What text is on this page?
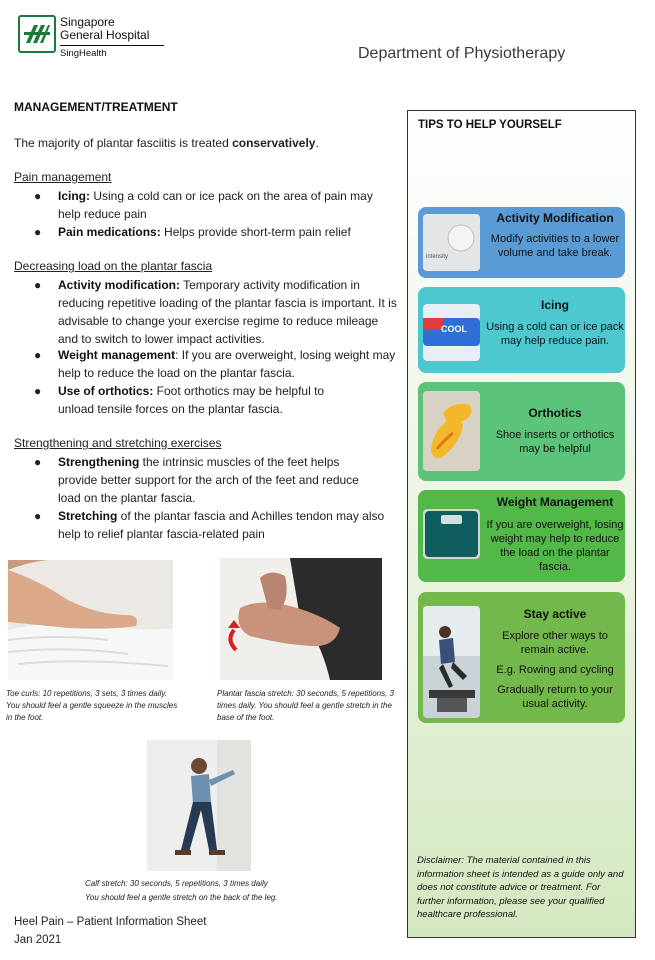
Singapore
General Hospital
SingHealth	Department of Physiotherapy
MANAGEMENT/TREATMENT
The majority of plantar fasciitis is treated conservatively.
Pain management
● Icing: Using a cold can or ice pack on the area of pain may help reduce pain
● Pain medications: Helps provide short-term pain relief
Decreasing load on the plantar fascia
● Activity modification: Temporary activity modification in reducing repetitive loading of the plantar fascia is important. It is advisable to change your exercise regime to reduce mileage and to switch to lower impact activities.
● Weight management: If you are overweight, losing weight may help to reduce the load on the plantar fascia.
● Use of orthotics: Foot orthotics may be helpful to unload tensile forces on the plantar fascia.
Strengthening and stretching exercises
● Strengthening the intrinsic muscles of the feet helps provide better support for the arch of the feet and reduce load on the plantar fascia.
● Stretching of the plantar fascia and Achilles tendon may also help to relief plantar fascia-related pain
Toe curls: 10 repetitions, 3 sets, 3 times daily. You should feel a gentle squeeze in the muscles in the foot.
Plantar fascia stretch: 30 seconds, 5 repetitions, 3 times daily. You should feel a gentle stretch in the base of the foot.
Calf stretch: 30 seconds, 5 repetitions, 3 times daily
You should feel a gentle stretch on the back of the leg.
Heel Pain – Patient Information Sheet
Jan 2021
TIPS TO HELP YOURSELF
intensity
Activity Modification
Modify activities to a lower volume and take break.
COOL
Icing
Using a cold can or ice pack may help reduce pain.
Orthotics
Shoe inserts or orthotics may be helpful
Weight Management
If you are overweight, losing weight may help to reduce the load on the plantar fascia.
Stay active
Explore other ways to remain active.
E.g. Rowing and cycling
Gradually return to your usual activity.
Disclaimer: The material contained in this information sheet is intended as a guide only and does not constitute advice or treatment. For further information, please see your qualified healthcare professional.
